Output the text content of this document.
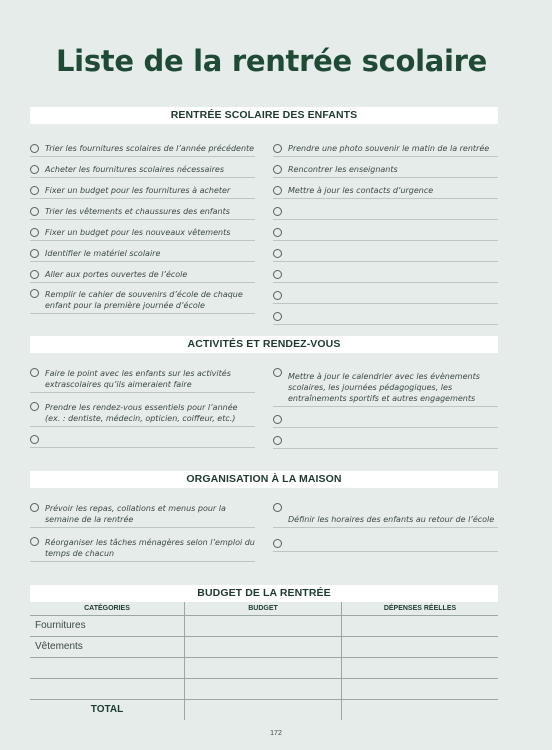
Liste de la rentrée scolaire
RENTRÉE SCOLAIRE DES ENFANTS
Trier les fournitures scolaires de l’année précédente
Acheter les fournitures scolaires nécessaires
Fixer un budget pour les fournitures à acheter
Trier les vêtements et chaussures des enfants
Fixer un budget pour les nouveaux vêtements
Identifier le matériel scolaire
Aller aux portes ouvertes de l’école
Remplir le cahier de souvenirs d’école de chaque enfant pour la première journée d’école
Prendre une photo souvenir le matin de la rentrée
Rencontrer les enseignants
Mettre à jour les contacts d’urgence
ACTIVITÉS ET RENDEZ-VOUS
Faire le point avec les enfants sur les activités extrascolaires qu’ils aimeraient faire
Prendre les rendez-vous essentiels pour l’année (ex. : dentiste, médecin, opticien, coiffeur, etc.)
Mettre à jour le calendrier avec les évènements scolaires, les journées pédagogiques, les entraînements sportifs et autres engagements
ORGANISATION À LA MAISON
Prévoir les repas, collations et menus pour la semaine de la rentrée
Réorganiser les tâches ménagères selon l’emploi du temps de chacun
Définir les horaires des enfants au retour de l’école
BUDGET DE LA RENTRÉE
CATÉGORIES	BUDGET	DÉPENSES RÉELLES
Fournitures
Vêtements
TOTAL
172
